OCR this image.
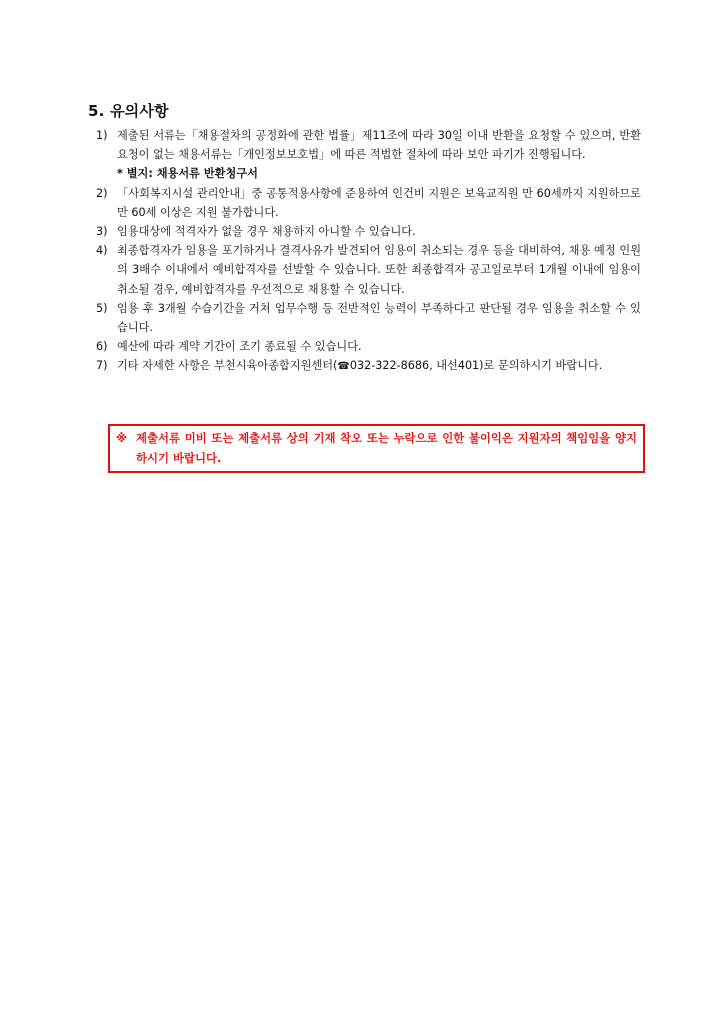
5. 유의사항
1) 제출된 서류는「채용절차의 공정화에 관한 법률」제11조에 따라 30일 이내 반환을 요청할 수 있으며, 반환 요청이 없는 채용서류는「개인정보보호법」에 따른 적법한 절차에 따라 보안 파기가 진행됩니다.
* 별지: 채용서류 반환청구서
2) 「사회복지시설 관리안내」중 공통적용사항에 준용하여 인건비 지원은 보육교직원 만 60세까지 지원하므로 만 60세 이상은 지원 불가합니다.
3) 임용대상에 적격자가 없을 경우 채용하지 아니할 수 있습니다.
4) 최종합격자가 임용을 포기하거나 결격사유가 발견되어 임용이 취소되는 경우 등을 대비하여, 채용 예정 인원의 3배수 이내에서 예비합격자를 선발할 수 있습니다. 또한 최종합격자 공고일로부터 1개월 이내에 임용이 취소될 경우, 예비합격자를 우선적으로 채용할 수 있습니다.
5) 임용 후 3개월 수습기간을 거쳐 업무수행 등 전반적인 능력이 부족하다고 판단될 경우 임용을 취소할 수 있습니다.
6) 예산에 따라 계약 기간이 조기 종료될 수 있습니다.
7) 기타 자세한 사항은 부천시육아종합지원센터(☎032-322-8686, 내선401)로 문의하시기 바랍니다.
※ 제출서류 미비 또는 제출서류 상의 기재 착오 또는 누락으로 인한 불이익은 지원자의 책임임을 양지하시기 바랍니다.
